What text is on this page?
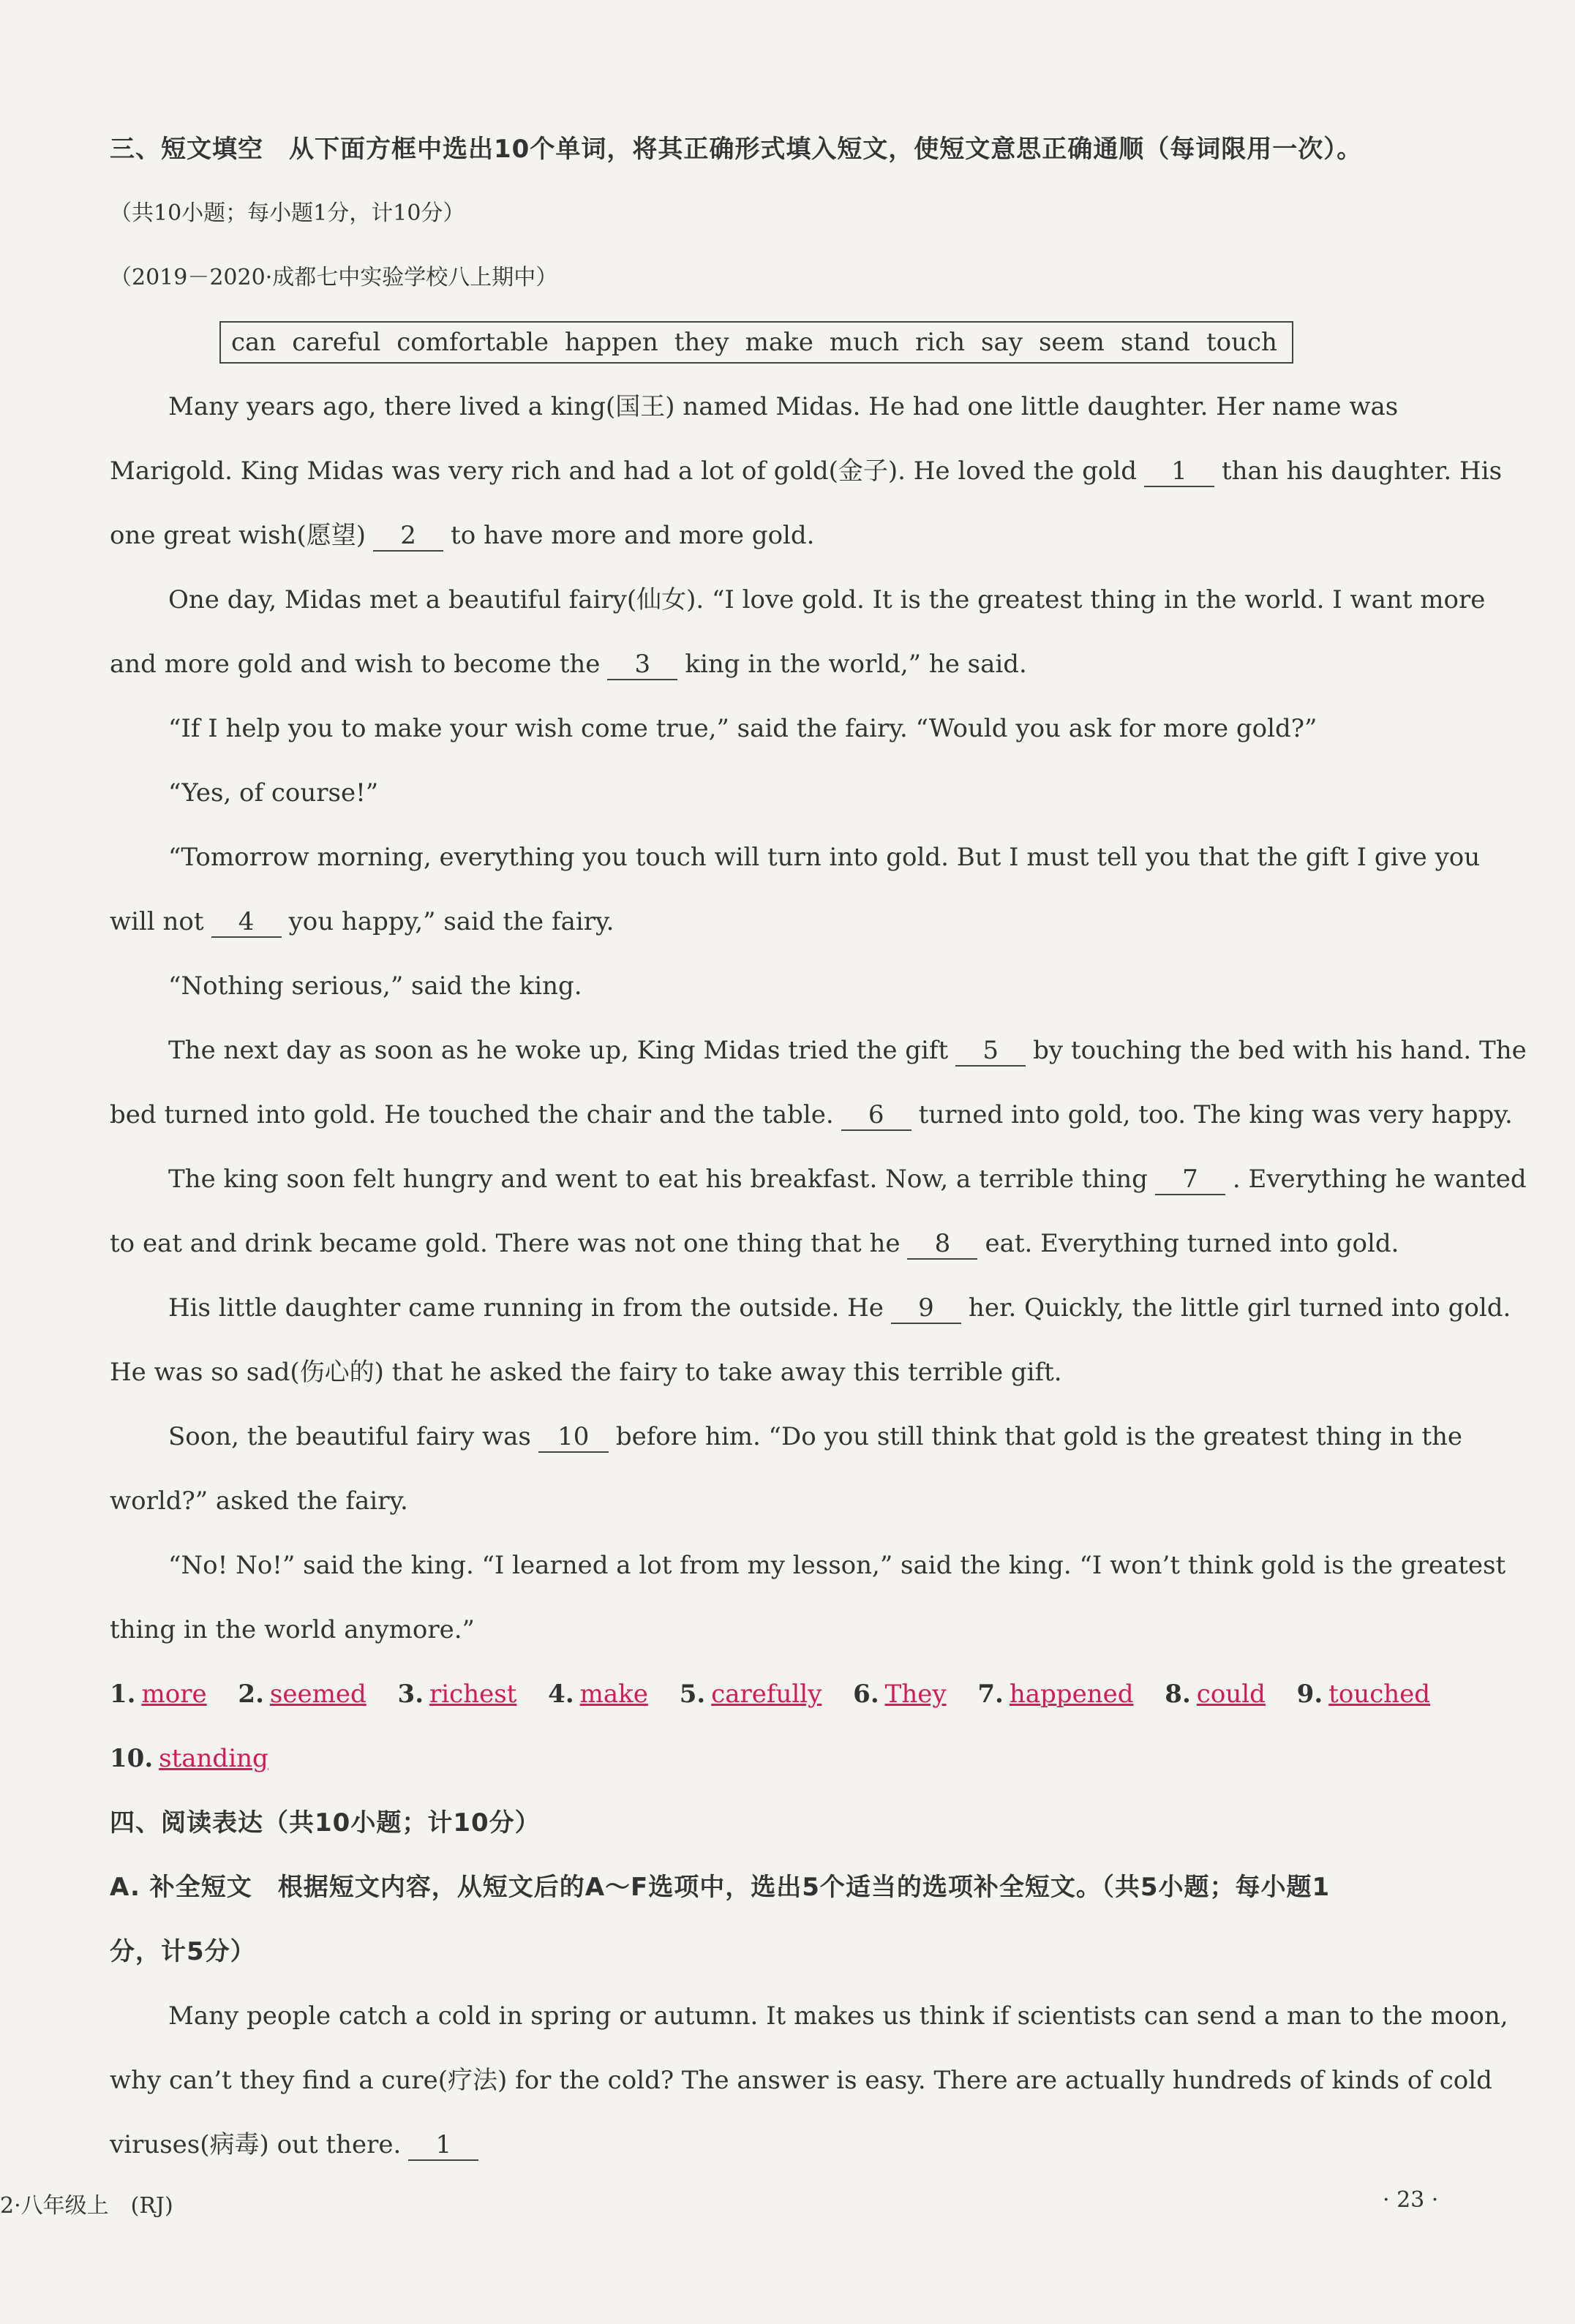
三、短文填空　从下面方框中选出10个单词，将其正确形式填入短文，使短文意思正确通顺（每词限用一次）。
（共10小题；每小题1分，计10分）
（2019－2020·成都七中实验学校八上期中）
can careful comfortable happen they make much rich say seem stand touch
Many years ago, there lived a king(国王) named Midas. He had one little daughter. Her name was
Marigold. King Midas was very rich and had a lot of gold(金子). He loved the gold 1 than his daughter. His
one great wish(愿望) 2 to have more and more gold.
One day, Midas met a beautiful fairy(仙女). “I love gold. It is the greatest thing in the world. I want more
and more gold and wish to become the 3 king in the world,” he said.
“If I help you to make your wish come true,” said the fairy. “Would you ask for more gold?”
“Yes, of course!”
“Tomorrow morning, everything you touch will turn into gold. But I must tell you that the gift I give you
will not 4 you happy,” said the fairy.
“Nothing serious,” said the king.
The next day as soon as he woke up, King Midas tried the gift 5 by touching the bed with his hand. The
bed turned into gold. He touched the chair and the table. 6 turned into gold, too. The king was very happy.
The king soon felt hungry and went to eat his breakfast. Now, a terrible thing 7 . Everything he wanted
to eat and drink became gold. There was not one thing that he 8 eat. Everything turned into gold.
His little daughter came running in from the outside. He 9 her. Quickly, the little girl turned into gold.
He was so sad(伤心的) that he asked the fairy to take away this terrible gift.
Soon, the beautiful fairy was 10 before him. “Do you still think that gold is the greatest thing in the
world?” asked the fairy.
“No! No!” said the king. “I learned a lot from my lesson,” said the king. “I won’t think gold is the greatest
thing in the world anymore.”
1. more 2. seemed 3. richest 4. make 5. carefully 6. They 7. happened 8. could 9. touched
10. standing
四、阅读表达（共10小题；计10分）
A. 补全短文　根据短文内容，从短文后的A～F选项中，选出5个适当的选项补全短文。（共5小题；每小题1
分，计5分）
Many people catch a cold in spring or autumn. It makes us think if scientists can send a man to the moon,
why can’t they find a cure(疗法) for the cold? The answer is easy. There are actually hundreds of kinds of cold
viruses(病毒) out there. 1
2·八年级上　(RJ)	· 23 ·
